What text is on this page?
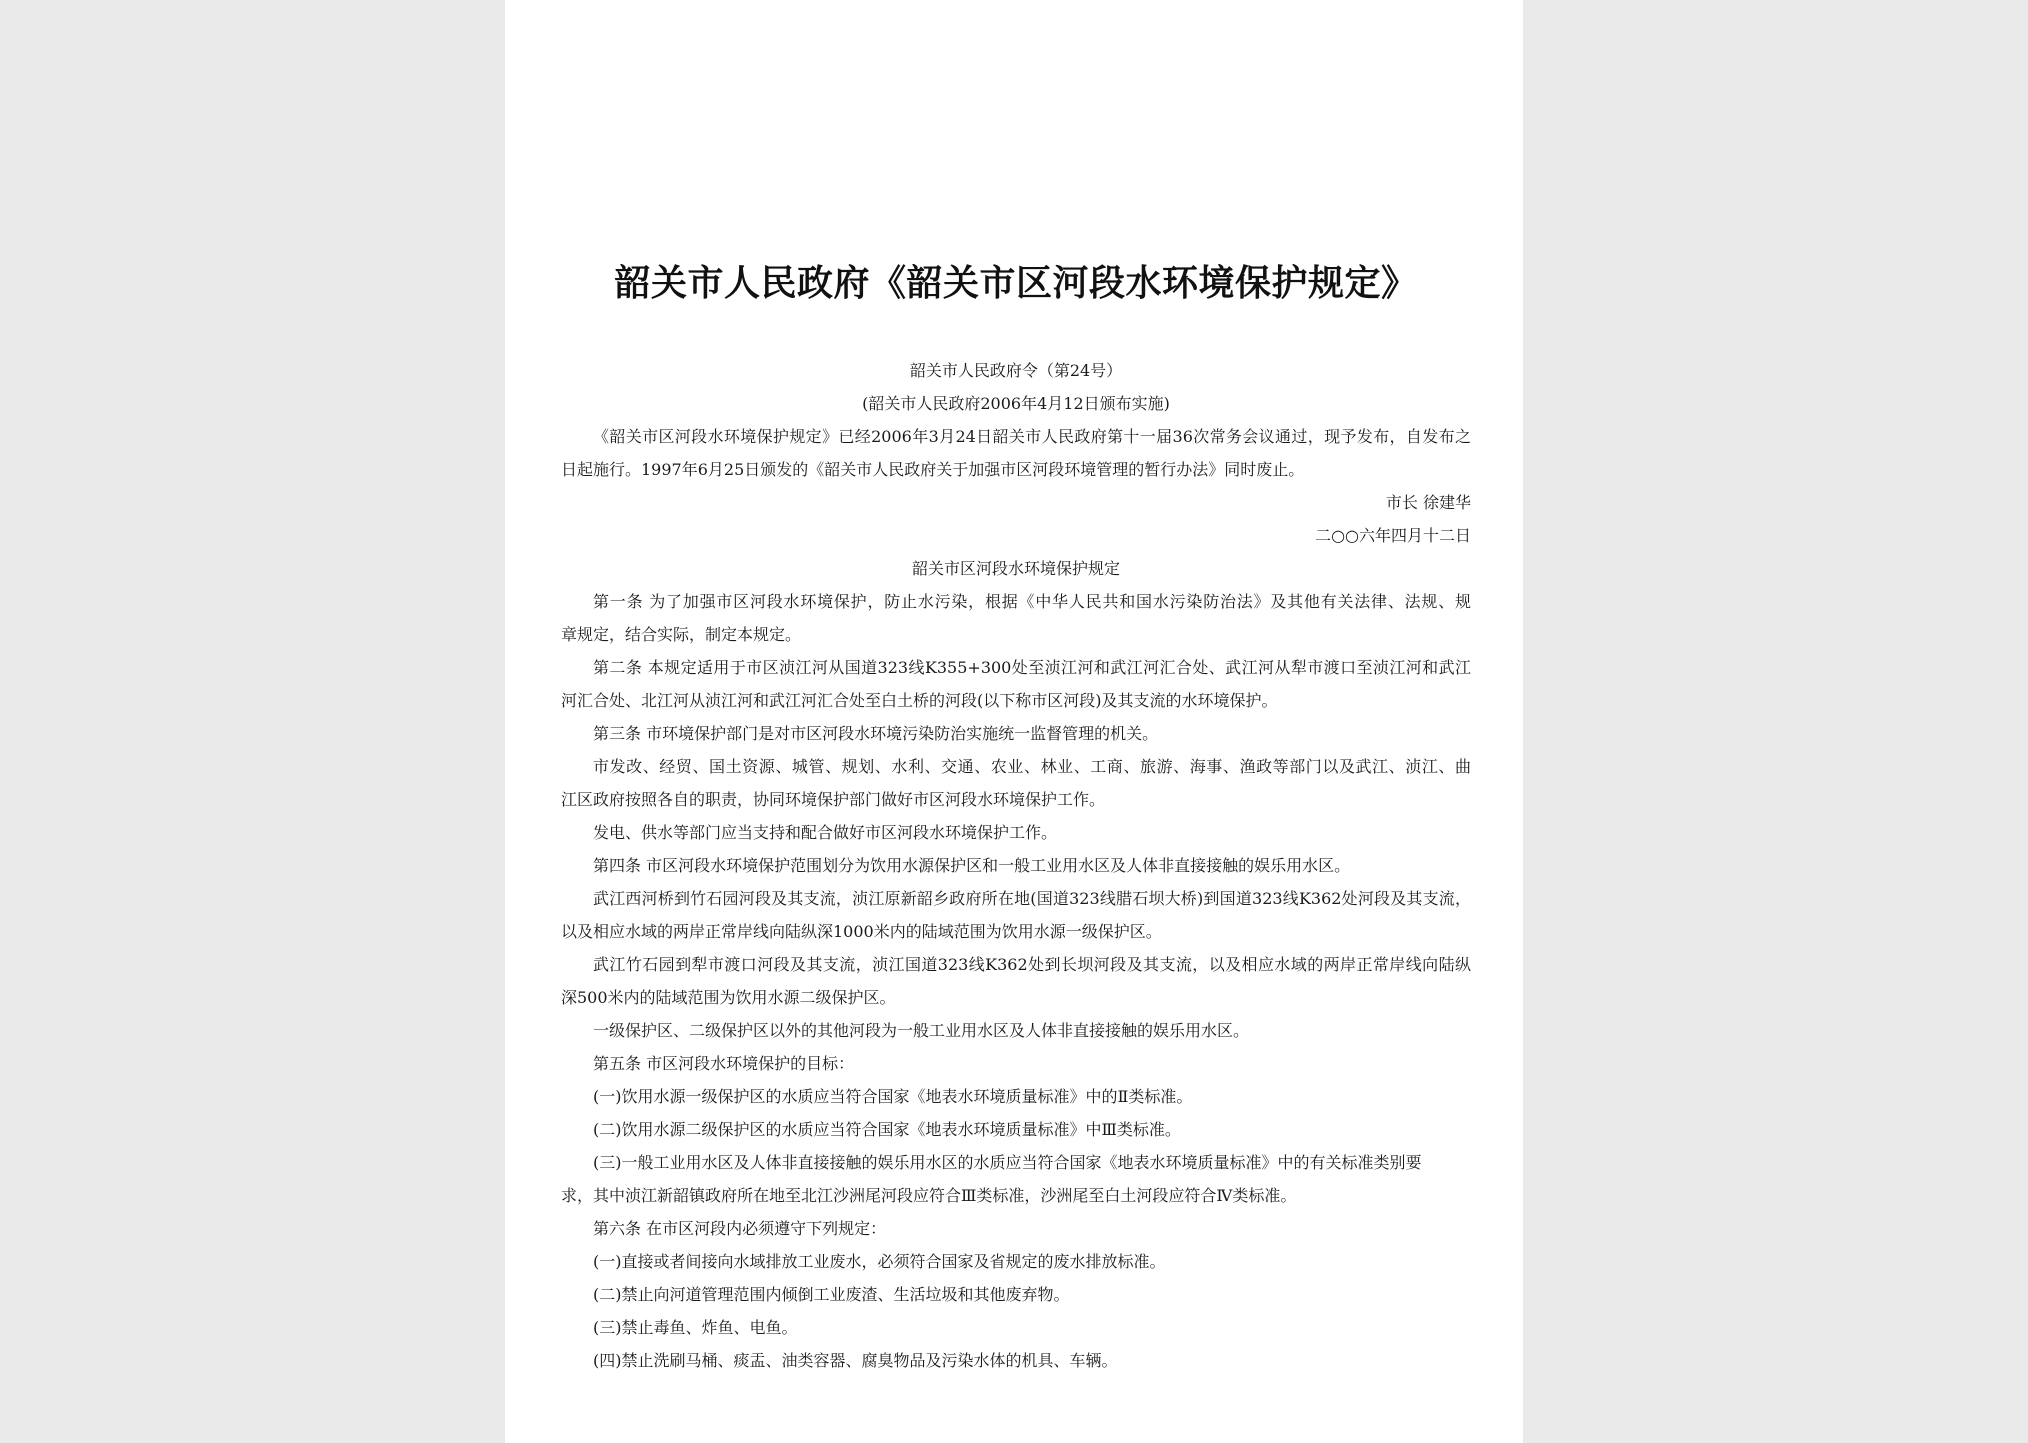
韶关市人民政府《韶关市区河段水环境保护规定》
韶关市人民政府令（第24号）
(韶关市人民政府2006年4月12日颁布实施)
《韶关市区河段水环境保护规定》已经2006年3月24日韶关市人民政府第十一届36次常务会议通过，现予发布，自发布之
日起施行。1997年6月25日颁发的《韶关市人民政府关于加强市区河段环境管理的暂行办法》同时废止。
市长 徐建华
二○○六年四月十二日
韶关市区河段水环境保护规定
第一条 为了加强市区河段水环境保护，防止水污染，根据《中华人民共和国水污染防治法》及其他有关法律、法规、规
章规定，结合实际，制定本规定。
第二条 本规定适用于市区浈江河从国道323线K355+300处至浈江河和武江河汇合处、武江河从犁市渡口至浈江河和武江
河汇合处、北江河从浈江河和武江河汇合处至白土桥的河段(以下称市区河段)及其支流的水环境保护。
第三条 市环境保护部门是对市区河段水环境污染防治实施统一监督管理的机关。
市发改、经贸、国土资源、城管、规划、水利、交通、农业、林业、工商、旅游、海事、渔政等部门以及武江、浈江、曲
江区政府按照各自的职责，协同环境保护部门做好市区河段水环境保护工作。
发电、供水等部门应当支持和配合做好市区河段水环境保护工作。
第四条 市区河段水环境保护范围划分为饮用水源保护区和一般工业用水区及人体非直接接触的娱乐用水区。
武江西河桥到竹石园河段及其支流，浈江原新韶乡政府所在地(国道323线腊石坝大桥)到国道323线K362处河段及其支流，
以及相应水域的两岸正常岸线向陆纵深1000米内的陆域范围为饮用水源一级保护区。
武江竹石园到犁市渡口河段及其支流，浈江国道323线K362处到长坝河段及其支流，以及相应水域的两岸正常岸线向陆纵
深500米内的陆域范围为饮用水源二级保护区。
一级保护区、二级保护区以外的其他河段为一般工业用水区及人体非直接接触的娱乐用水区。
第五条 市区河段水环境保护的目标：
(一)饮用水源一级保护区的水质应当符合国家《地表水环境质量标准》中的Ⅱ类标准。
(二)饮用水源二级保护区的水质应当符合国家《地表水环境质量标准》中Ⅲ类标准。
(三)一般工业用水区及人体非直接接触的娱乐用水区的水质应当符合国家《地表水环境质量标准》中的有关标准类别要
求，其中浈江新韶镇政府所在地至北江沙洲尾河段应符合Ⅲ类标准，沙洲尾至白土河段应符合Ⅳ类标准。
第六条 在市区河段内必须遵守下列规定：
(一)直接或者间接向水域排放工业废水，必须符合国家及省规定的废水排放标准。
(二)禁止向河道管理范围内倾倒工业废渣、生活垃圾和其他废弃物。
(三)禁止毒鱼、炸鱼、电鱼。
(四)禁止洗刷马桶、痰盂、油类容器、腐臭物品及污染水体的机具、车辆。
